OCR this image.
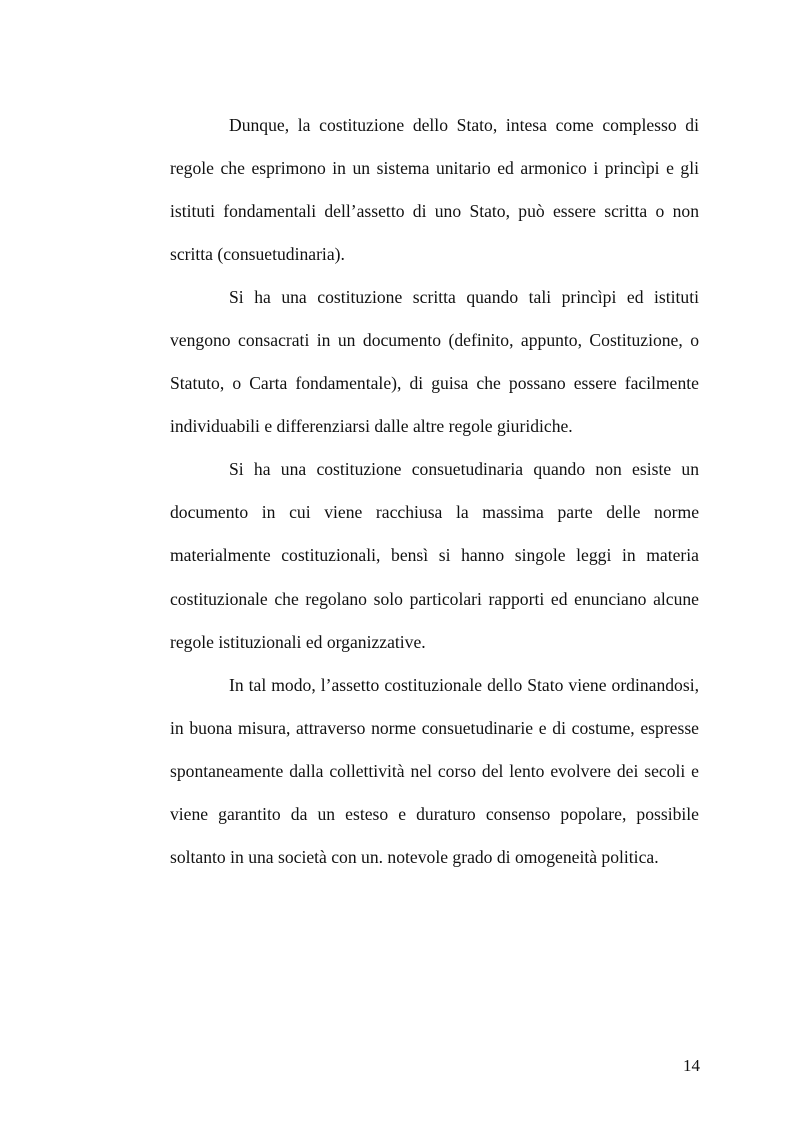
Dunque, la costituzione dello Stato, intesa come complesso di regole che esprimono in un sistema unitario ed armonico i princìpi e gli istituti fondamentali dell’assetto di uno Stato, può essere scritta o non scritta (consuetudinaria).

Si ha una costituzione scritta quando tali princìpi ed istituti vengono consacrati in un documento (definito, appunto, Costituzione, o Statuto, o Carta fondamentale), di guisa che possano essere facilmente individuabili e differenziarsi dalle altre regole giuridiche.

Si ha una costituzione consuetudinaria quando non esiste un documento in cui viene racchiusa la massima parte delle norme materialmente costituzionali, bensì si hanno singole leggi in materia costituzionale che regolano solo particolari rapporti ed enunciano alcune regole istituzionali ed organizzative.

In tal modo, l’assetto costituzionale dello Stato viene ordinandosi, in buona misura, attraverso norme consuetudinarie e di costume, espresse spontaneamente dalla collettività nel corso del lento evolvere dei secoli e viene garantito da un esteso e duraturo consenso popolare, possibile soltanto in una società con un. notevole grado di omogeneità politica.

14
